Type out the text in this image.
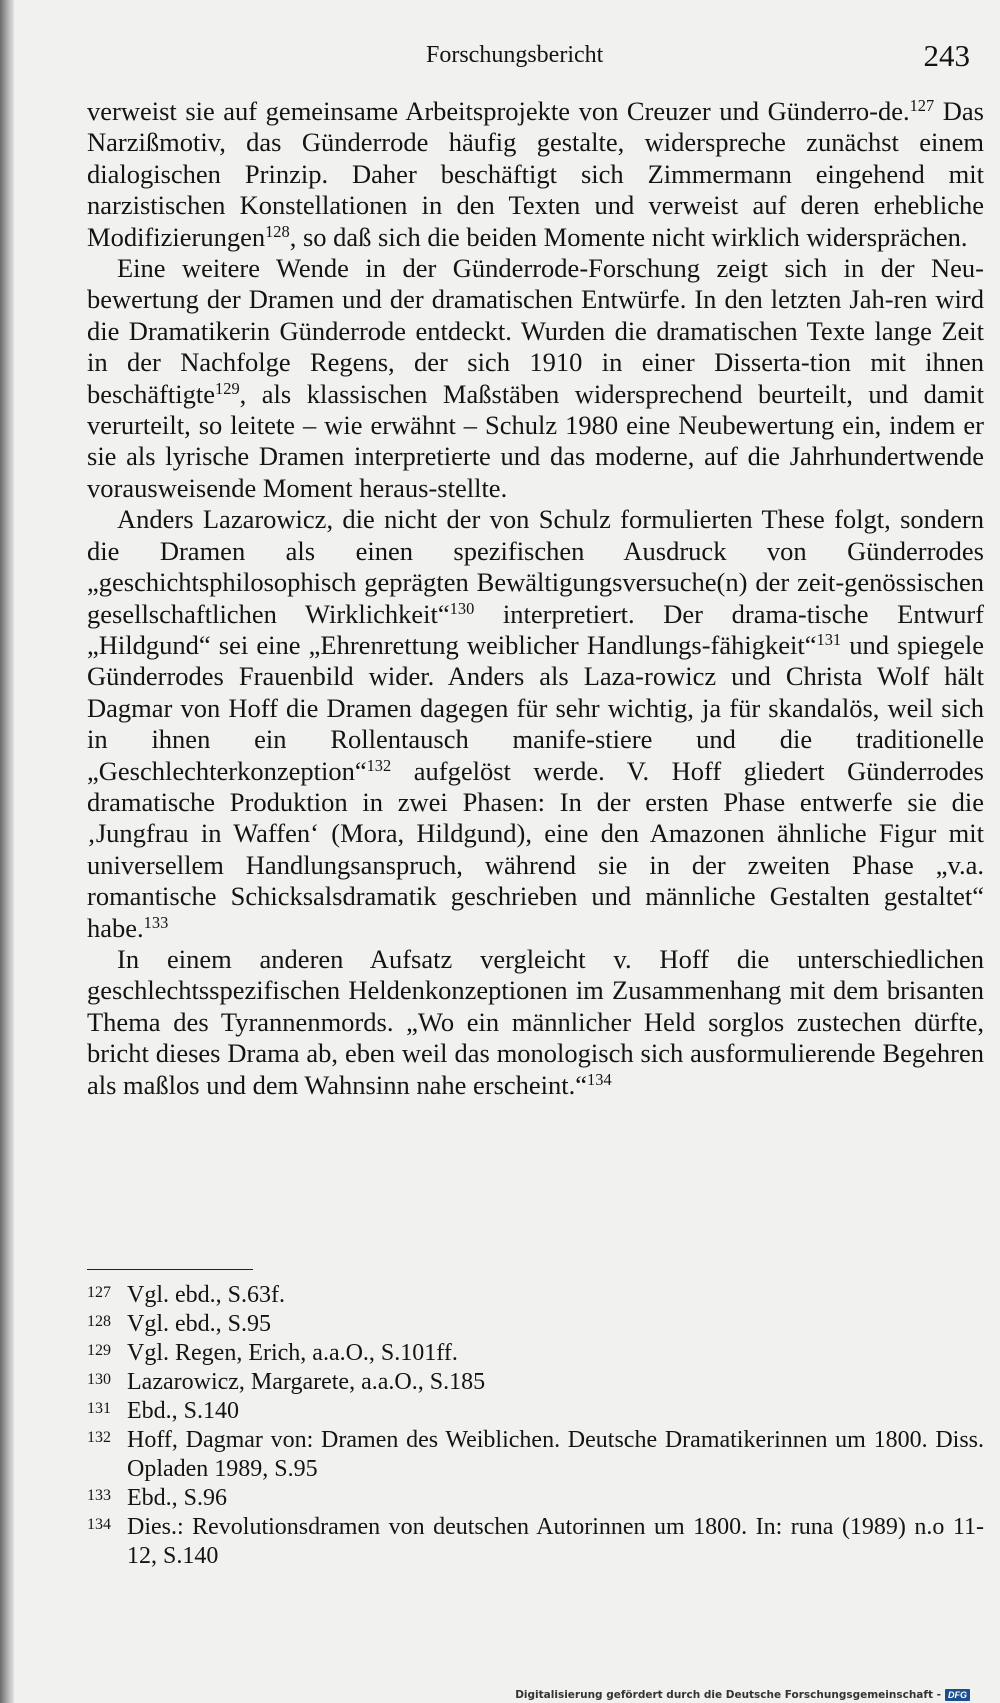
Forschungsbericht	243

verweist sie auf gemeinsame Arbeitsprojekte von Creuzer und Günderro-de.$^{127}$ Das Narzißmotiv, das Günderrode häufig gestalte, widerspreche zunächst einem dialogischen Prinzip. Daher beschäftigt sich Zimmermann eingehend mit narzistischen Konstellationen in den Texten und verweist auf deren erhebliche Modifizierungen$^{128}$, so daß sich die beiden Momente nicht wirklich widersprächen.

Eine weitere Wende in der Günderrode-Forschung zeigt sich in der Neu-bewertung der Dramen und der dramatischen Entwürfe. In den letzten Jah-ren wird die Dramatikerin Günderrode entdeckt. Wurden die dramatischen Texte lange Zeit in der Nachfolge Regens, der sich 1910 in einer Disserta-tion mit ihnen beschäftigte$^{129}$, als klassischen Maßstäben widersprechend beurteilt, und damit verurteilt, so leitete – wie erwähnt – Schulz 1980 eine Neubewertung ein, indem er sie als lyrische Dramen interpretierte und das moderne, auf die Jahrhundertwende vorausweisende Moment heraus-stellte.

Anders Lazarowicz, die nicht der von Schulz formulierten These folgt, sondern die Dramen als einen spezifischen Ausdruck von Günderrodes „geschichtsphilosophisch geprägten Bewältigungsversuche(n) der zeit-genössischen gesellschaftlichen Wirklichkeit“$^{130}$ interpretiert. Der drama-tische Entwurf „Hildgund“ sei eine „Ehrenrettung weiblicher Handlungs-fähigkeit“$^{131}$ und spiegele Günderrodes Frauenbild wider. Anders als Laza-rowicz und Christa Wolf hält Dagmar von Hoff die Dramen dagegen für sehr wichtig, ja für skandalös, weil sich in ihnen ein Rollentausch manife-stiere und die traditionelle „Geschlechterkonzeption“$^{132}$ aufgelöst werde. V. Hoff gliedert Günderrodes dramatische Produktion in zwei Phasen: In der ersten Phase entwerfe sie die ‚Jungfrau in Waffen‘ (Mora, Hildgund), eine den Amazonen ähnliche Figur mit universellem Handlungsanspruch, während sie in der zweiten Phase „v.a. romantische Schicksalsdramatik geschrieben und männliche Gestalten gestaltet“ habe.$^{133}$

In einem anderen Aufsatz vergleicht v. Hoff die unterschiedlichen geschlechtsspezifischen Heldenkonzeptionen im Zusammenhang mit dem brisanten Thema des Tyrannenmords. „Wo ein männlicher Held sorglos zustechen dürfte, bricht dieses Drama ab, eben weil das monologisch sich ausformulierende Begehren als maßlos und dem Wahnsinn nahe erscheint.“$^{134}$

127 Vgl. ebd., S.63f.
128 Vgl. ebd., S.95
129 Vgl. Regen, Erich, a.a.O., S.101ff.
130 Lazarowicz, Margarete, a.a.O., S.185
131 Ebd., S.140
132 Hoff, Dagmar von: Dramen des Weiblichen. Deutsche Dramatikerinnen um 1800. Diss. Opladen 1989, S.95
133 Ebd., S.96
134 Dies.: Revolutionsdramen von deutschen Autorinnen um 1800. In: runa (1989) n.o 11-12, S.140
Digitalisierung gefördert durch die Deutsche Forschungsgemeinschaft - DFG
